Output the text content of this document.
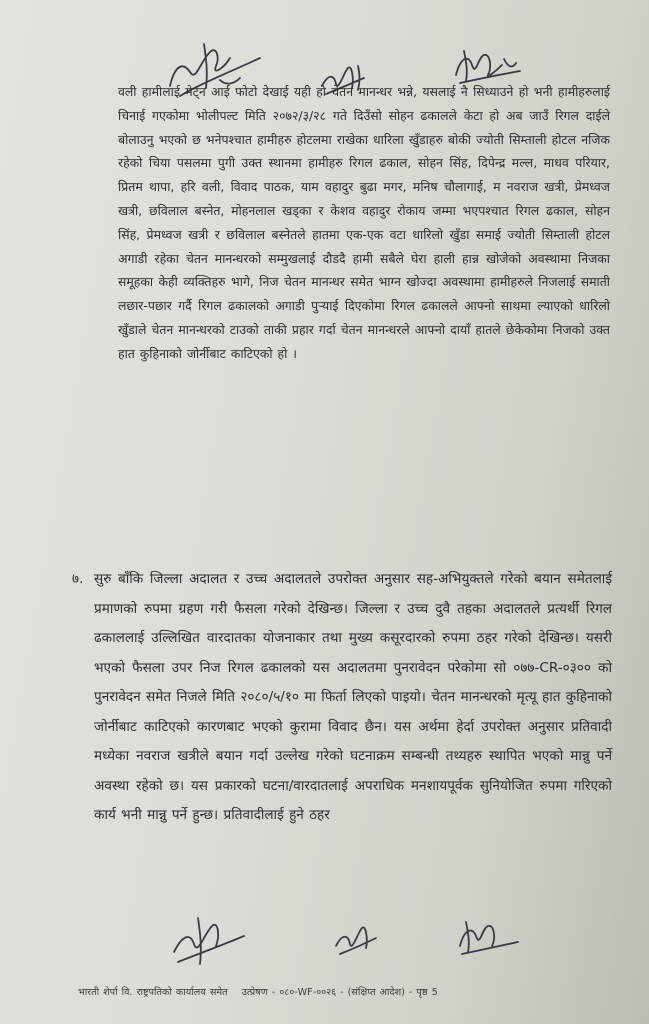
वली हामीलाई मेट्न आई फोटो देखाई यही हो चेतन मानन्धर भन्ने, यसलाई नै सिध्याउने हो भनी हामीहरुलाई चिनाई गएकोमा भोलीपल्ट मिति २०७२/३/२८ गते दिउँसो सोहन ढकालले केटा हो अब जाउँ रिगल दाईले बोलाउनु भएको छ भनेपश्चात हामीहरु होटलमा राखेका धारिला खुँडाहरु बोकी ज्योती सिम्ताली होटल नजिक रहेको चिया पसलमा पुगी उक्त स्थानमा हामीहरु रिगल ढकाल, सोहन सिंह, दिपेन्द्र मल्ल, माधव परियार, प्रितम थापा, हरि वली, विवाद पाठक, याम वहादुर बुढा मगर, मनिष चौलागाई, म नवराज खत्री, प्रेमध्वज खत्री, छविलाल बस्नेत, मोहनलाल खड्का र केशव वहादुर रोकाय जम्मा भएपश्चात रिगल ढकाल, सोहन सिंह, प्रेमध्वज खत्री र छविलाल बस्नेतले हातमा एक-एक वटा धारिलो खुँडा समाई ज्योती सिम्ताली होटल अगाडी रहेका चेतन मानन्धरको सम्मुखलाई दौडदै हामी सबैले घेरा हाली हान्न खोजेको अवस्थामा निजका समूहका केही व्यक्तिहरु भागे, निज चेतन मानन्धर समेत भाग्न खोज्दा अवस्थामा हामीहरुले निजलाई समाती लछार-पछार गर्दै रिगल ढकालको अगाडी पुऱ्याई दिएकोमा रिगल ढकालले आफ्नो साथमा ल्याएको धारिलो खुँडाले चेतन मानन्धरको टाउको ताकी प्रहार गर्दा चेतन मानन्धरले आफ्नो दायाँ हातले छेकेकोमा निजको उक्त हात कुहिनाको जोर्नीबाट काटिएको हो ।

७. सुरु बाँकि जिल्ला अदालत र उच्च अदालतले उपरोक्त अनुसार सह-अभियुक्तले गरेको बयान समेतलाई प्रमाणको रुपमा ग्रहण गरी फैसला गरेको देखिन्छ। जिल्ला र उच्च दुवै तहका अदालतले प्रत्यर्थी रिगल ढकाललाई उल्लिखित वारदातका योजनाकार तथा मुख्य कसूरदारको रुपमा ठहर गरेको देखिन्छ। यसरी भएको फैसला उपर निज रिगल ढकालको यस अदालतमा पुनरावेदन परेकोमा सो ०७७-CR-०३०० को पुनरावेदन समेत निजले मिति २०८०/५/१० मा फिर्ता लिएको पाइयो। चेतन मानन्धरको मृत्यू हात कुहिनाको जोर्नीबाट काटिएको कारणबाट भएको कुरामा विवाद छैन। यस अर्थमा हेर्दा उपरोक्त अनुसार प्रतिवादी मध्येका नवराज खत्रीले बयान गर्दा उल्लेख गरेको घटनाक्रम सम्बन्धी तथ्यहरु स्थापित भएको मान्नु पर्ने अवस्था रहेको छ। यस प्रकारको घटना/वारदातलाई अपराधिक मनशायपूर्वक सुनियोजित रुपमा गरिएको कार्य भनी मान्नु पर्ने हुन्छ। प्रतिवादीलाई हुने ठहर

भारती शेर्पा वि. राष्ट्रपतिको कार्यालय समेत उत्प्रेषण - ०८०-WF-००२६ - (संक्षिप्त आदेश) - पृष्ठ 5
